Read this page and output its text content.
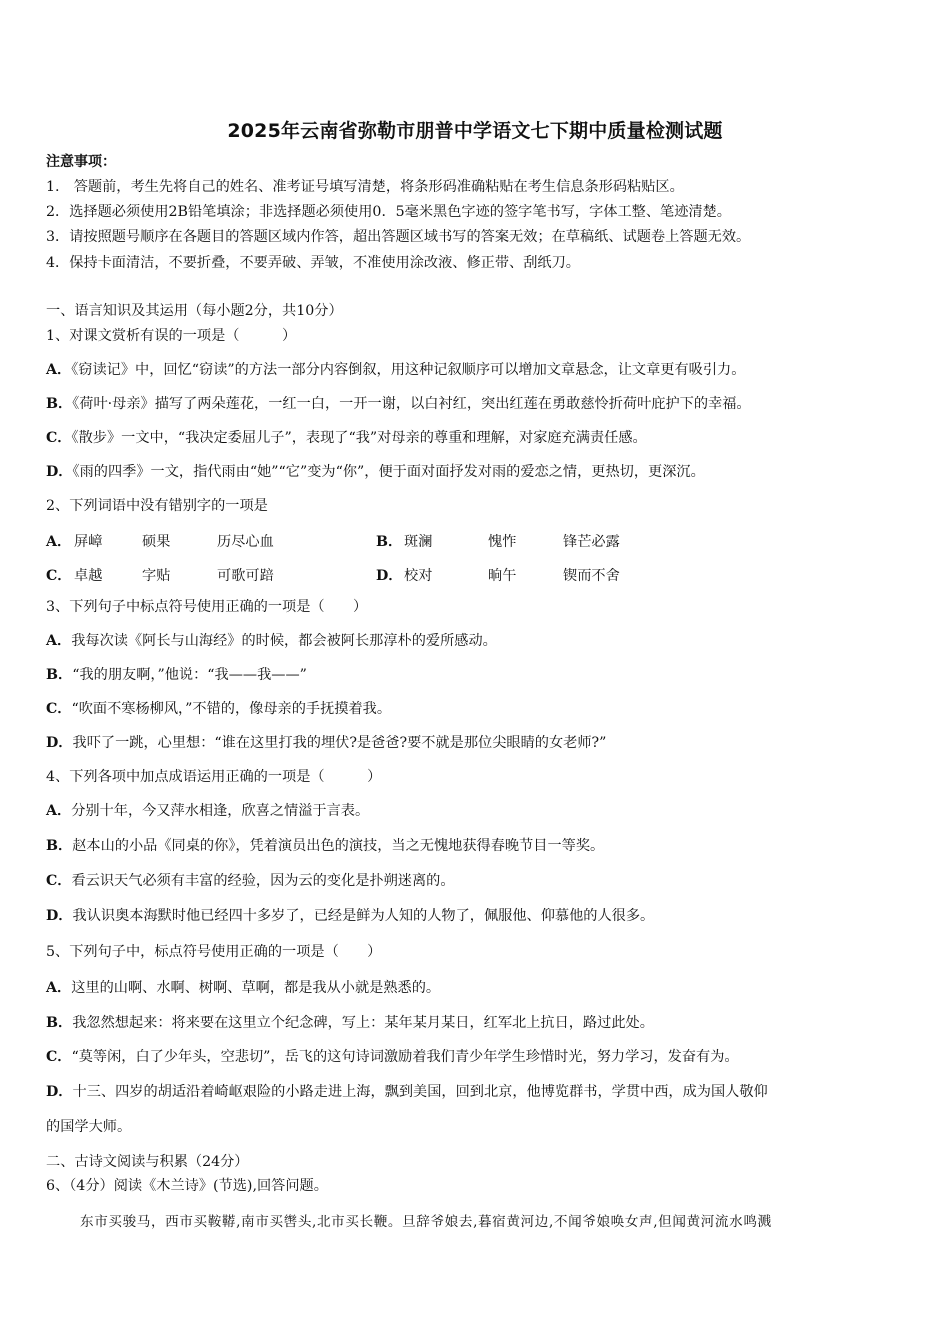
2025年云南省弥勒市朋普中学语文七下期中质量检测试题
注意事项：
1.　答题前，考生先将自己的姓名、准考证号填写清楚，将条形码准确粘贴在考生信息条形码粘贴区。
2．选择题必须使用2B铅笔填涂；非选择题必须使用0．5毫米黑色字迹的签字笔书写，字体工整、笔迹清楚。
3．请按照题号顺序在各题目的答题区域内作答，超出答题区域书写的答案无效；在草稿纸、试题卷上答题无效。
4．保持卡面清洁，不要折叠，不要弄破、弄皱，不准使用涂改液、修正带、刮纸刀。
一、语言知识及其运用（每小题2分，共10分）
1、对课文赏析有误的一项是（　　　）
A．《窃读记》中，回忆“窃读”的方法一部分内容倒叙，用这种记叙顺序可以增加文章悬念，让文章更有吸引力。
B．《荷叶·母亲》描写了两朵莲花，一红一白，一开一谢，以白衬红，突出红莲在勇敢慈怜折荷叶庇护下的幸福。
C．《散步》一文中，“我决定委屈儿子”，表现了“我”对母亲的尊重和理解，对家庭充满责任感。
D．《雨的四季》一文，指代雨由“她”“它”变为“你”，便于面对面抒发对雨的爱恋之情，更热切，更深沉。
2、下列词语中没有错别字的一项是
A． 屏嶂	硕果	历尽心血	B． 斑澜	愧怍	锋芒必露
C． 卓越	字贴	可歌可踣	D． 校对	晌午	锲而不舍
3、下列句子中标点符号使用正确的一项是（　　）
A．我每次读《阿长与山海经》的时候，都会被阿长那淳朴的爱所感动。
B．“我的朋友啊，”他说：“我——我——”
C．“吹面不寒杨柳风，”不错的，像母亲的手抚摸着我。
D．我吓了一跳，心里想：“谁在这里打我的埋伏?是爸爸?要不就是那位尖眼睛的女老师?”
4、下列各项中加点成语运用正确的一项是（　　　）
A．分别十年，今又萍水相逢，欣喜之情溢于言表。
B．赵本山的小品《同桌的你》，凭着演员出色的演技，当之无愧地获得春晚节目一等奖。
C．看云识天气必须有丰富的经验，因为云的变化是扑朔迷离的。
D．我认识奥本海默时他已经四十多岁了，已经是鲜为人知的人物了，佩服他、仰慕他的人很多。
5、下列句子中，标点符号使用正确的一项是（　　）
A．这里的山啊、水啊、树啊、草啊，都是我从小就是熟悉的。
B．我忽然想起来：将来要在这里立个纪念碑，写上：某年某月某日，红军北上抗日，路过此处。
C．“莫等闲，白了少年头，空悲切”，岳飞的这句诗词激励着我们青少年学生珍惜时光，努力学习，发奋有为。
D．十三、四岁的胡适沿着崎岖艰险的小路走进上海，飘到美国，回到北京，他博览群书，学贯中西，成为国人敬仰
的国学大师。
二、古诗文阅读与积累（24分）
6、（4分）阅读《木兰诗》(节选),回答问题。
东市买骏马，西市买鞍鞯,南市买辔头,北市买长鞭。旦辞爷娘去,暮宿黄河边,不闻爷娘唤女声,但闻黄河流水鸣溅
